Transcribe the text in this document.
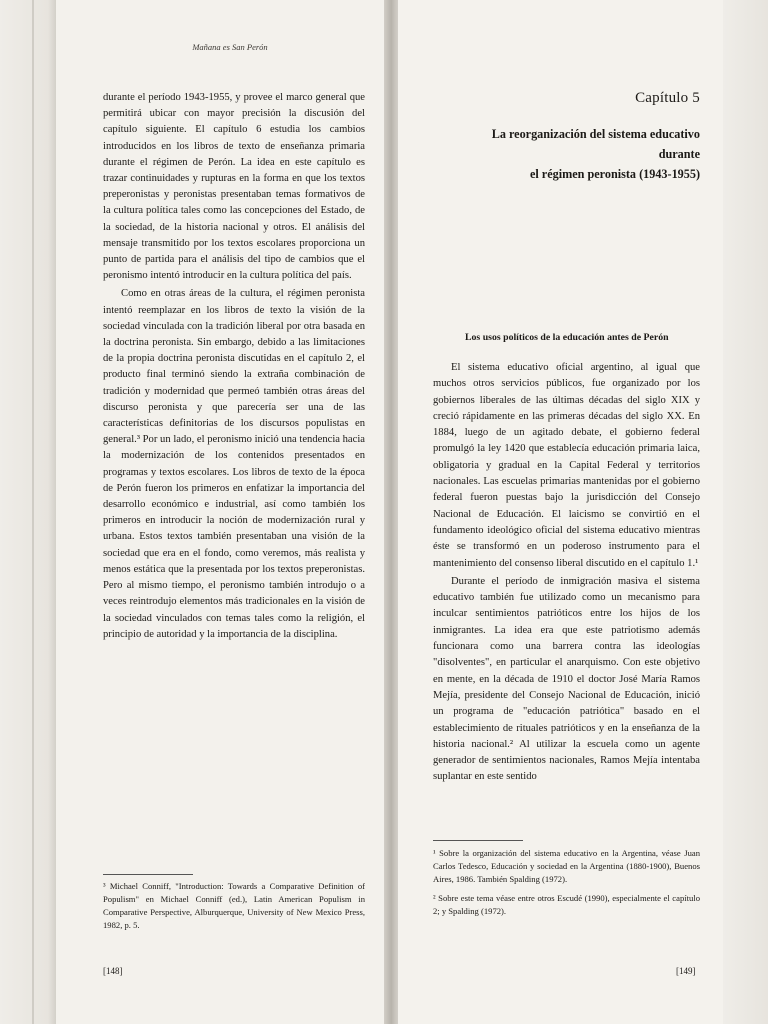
Mañana es San Perón

durante el período 1943-1955, y provee el marco general que permitirá ubicar con mayor precisión la discusión del capítulo siguiente. El capítulo 6 estudia los cambios introducidos en los libros de texto de enseñanza primaria durante el régimen de Perón. La idea en este capítulo es trazar continuidades y rupturas en la forma en que los textos preperonistas y peronistas presentaban temas formativos de la cultura política tales como las concepciones del Estado, de la sociedad, de la historia nacional y otros. El análisis del mensaje transmitido por los textos escolares proporciona un punto de partida para el análisis del tipo de cambios que el peronismo intentó introducir en la cultura política del país.

Como en otras áreas de la cultura, el régimen peronista intentó reemplazar en los libros de texto la visión de la sociedad vinculada con la tradición liberal por otra basada en la doctrina peronista. Sin embargo, debido a las limitaciones de la propia doctrina peronista discutidas en el capítulo 2, el producto final terminó siendo la extraña combinación de tradición y modernidad que permeó también otras áreas del discurso peronista y que parecería ser una de las características definitorias de los discursos populistas en general.³ Por un lado, el peronismo inició una tendencia hacia la modernización de los contenidos presentados en programas y textos escolares. Los libros de texto de la época de Perón fueron los primeros en enfatizar la importancia del desarrollo económico e industrial, así como también los primeros en introducir la noción de modernización rural y urbana. Estos textos también presentaban una visión de la sociedad que era en el fondo, como veremos, más realista y menos estática que la presentada por los textos preperonistas. Pero al mismo tiempo, el peronismo también introdujo o a veces reintrodujo elementos más tradicionales en la visión de la sociedad vinculados con temas tales como la religión, el principio de autoridad y la importancia de la disciplina.

³ Michael Conniff, "Introduction: Towards a Comparative Definition of Populism" en Michael Conniff (ed.), Latin American Populism in Comparative Perspective, Alburquerque, University of New Mexico Press, 1982, p. 5.

[148]
Capítulo 5
La reorganización del sistema educativo durante
el régimen peronista (1943-1955)
Los usos políticos de la educación antes de Perón

El sistema educativo oficial argentino, al igual que muchos otros servicios públicos, fue organizado por los gobiernos liberales de las últimas décadas del siglo XIX y creció rápidamente en las primeras décadas del siglo XX. En 1884, luego de un agitado debate, el gobierno federal promulgó la ley 1420 que establecía educación primaria laica, obligatoria y gradual en la Capital Federal y territorios nacionales. Las escuelas primarias mantenidas por el gobierno federal fueron puestas bajo la jurisdicción del Consejo Nacional de Educación. El laicismo se convirtió en el fundamento ideológico oficial del sistema educativo mientras éste se transformó en un poderoso instrumento para el mantenimiento del consenso liberal discutido en el capítulo 1.¹

Durante el período de inmigración masiva el sistema educativo también fue utilizado como un mecanismo para inculcar sentimientos patrióticos entre los hijos de los inmigrantes. La idea era que este patriotismo además funcionara como una barrera contra las ideologías "disolventes", en particular el anarquismo. Con este objetivo en mente, en la década de 1910 el doctor José María Ramos Mejía, presidente del Consejo Nacional de Educación, inició un programa de "educación patriótica" basado en el establecimiento de rituales patrióticos y en la enseñanza de la historia nacional.² Al utilizar la escuela como un agente generador de sentimientos nacionales, Ramos Mejía intentaba suplantar en este sentido

¹ Sobre la organización del sistema educativo en la Argentina, véase Juan Carlos Tedesco, Educación y sociedad en la Argentina (1880-1900), Buenos Aires, 1986. También Spalding (1972).

² Sobre este tema véase entre otros Escudé (1990), especialmente el capítulo 2; y Spalding (1972).

[149]
